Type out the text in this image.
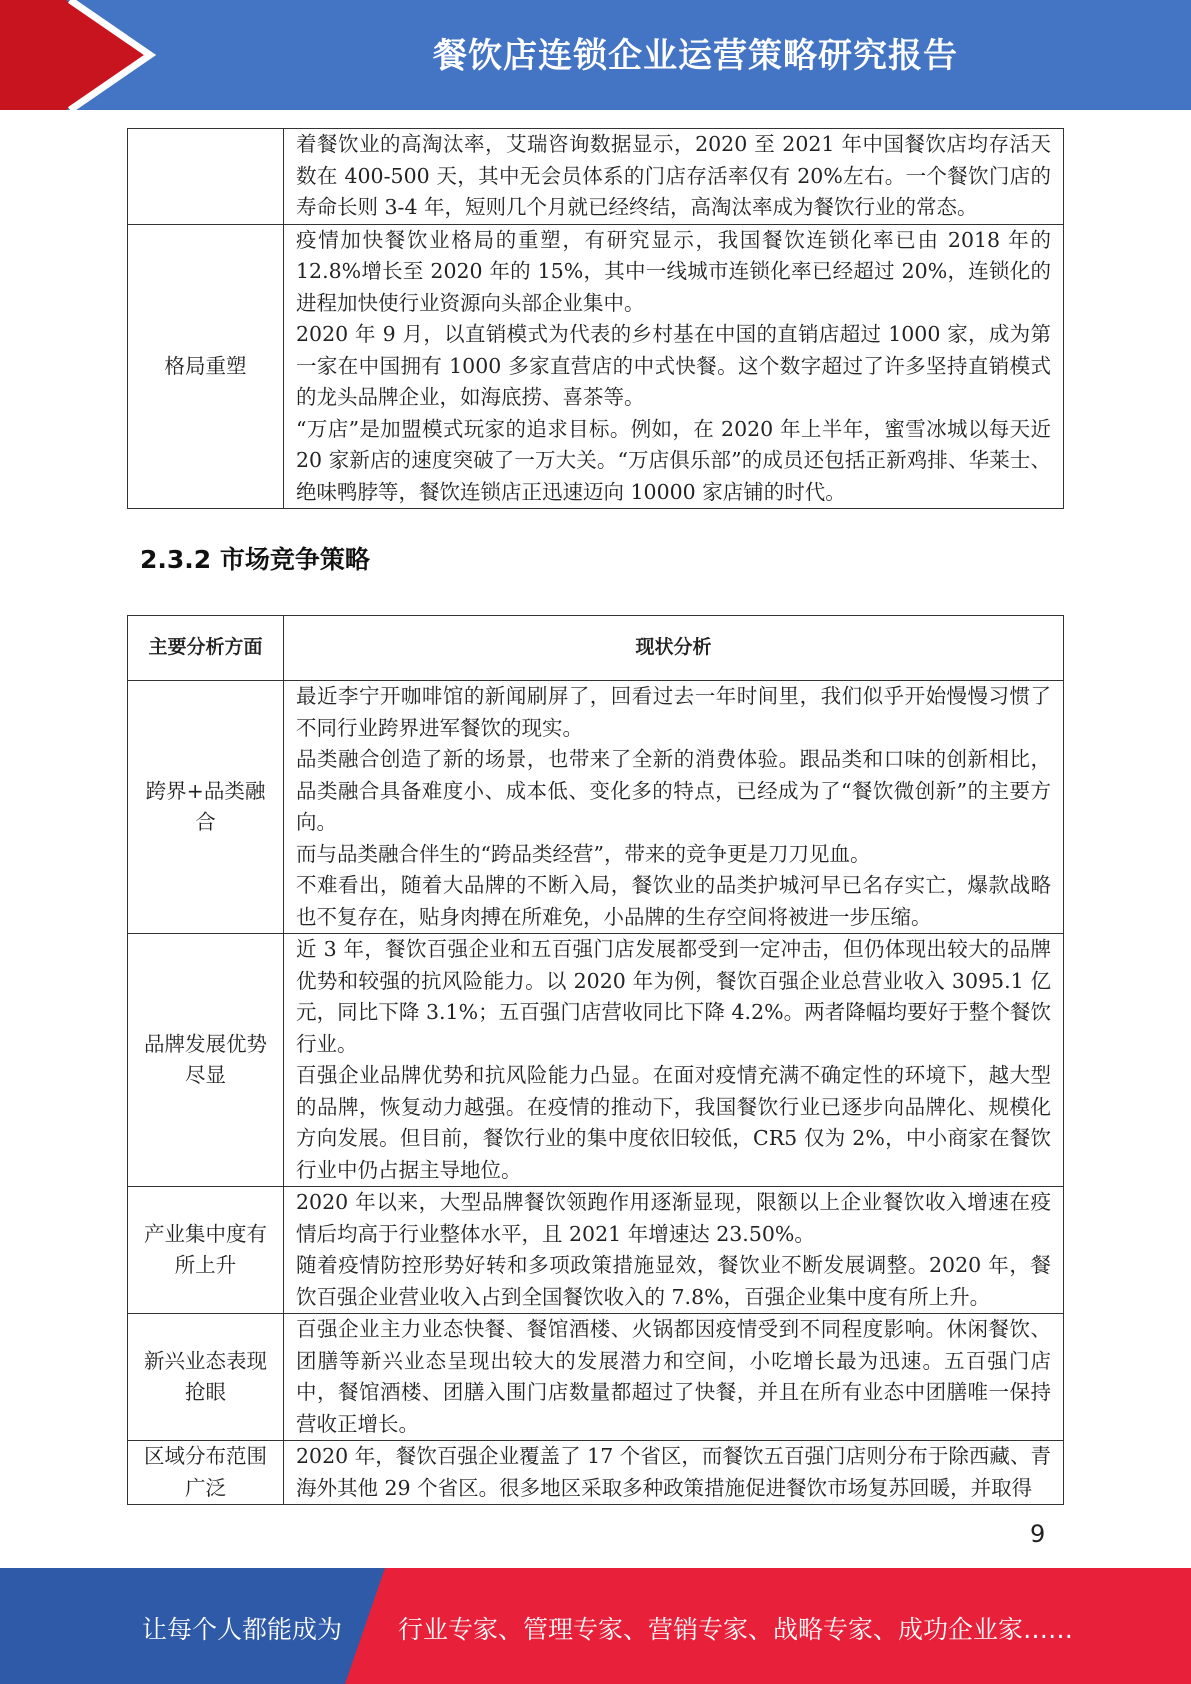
餐饮店连锁企业运营策略研究报告

	着餐饮业的高淘汰率，艾瑞咨询数据显示，2020 至 2021 年中国餐饮店均存活天数在 400-500 天，其中无会员体系的门店存活率仅有 20%左右。一个餐饮门店的寿命长则 3-4 年，短则几个月就已经终结，高淘汰率成为餐饮行业的常态。

格局重塑	疫情加快餐饮业格局的重塑，有研究显示，我国餐饮连锁化率已由 2018 年的 12.8%增长至 2020 年的 15%，其中一线城市连锁化率已经超过 20%，连锁化的进程加快使行业资源向头部企业集中。

2020 年 9 月，以直销模式为代表的乡村基在中国的直销店超过 1000 家，成为第一家在中国拥有 1000 多家直营店的中式快餐。这个数字超过了许多坚持直销模式的龙头品牌企业，如海底捞、喜茶等。

“万店”是加盟模式玩家的追求目标。例如，在 2020 年上半年，蜜雪冰城以每天近 20 家新店的速度突破了一万大关。“万店俱乐部”的成员还包括正新鸡排、华莱士、绝味鸭脖等，餐饮连锁店正迅速迈向 10000 家店铺的时代。

2.3.2 市场竞争策略
主要分析方面	现状分析
跨界+品类融合	最近李宁开咖啡馆的新闻刷屏了，回看过去一年时间里，我们似乎开始慢慢习惯了不同行业跨界进军餐饮的现实。

品类融合创造了新的场景，也带来了全新的消费体验。跟品类和口味的创新相比，品类融合具备难度小、成本低、变化多的特点，已经成为了“餐饮微创新”的主要方向。

而与品类融合伴生的“跨品类经营”，带来的竞争更是刀刀见血。

不难看出，随着大品牌的不断入局，餐饮业的品类护城河早已名存实亡，爆款战略也不复存在，贴身肉搏在所难免，小品牌的生存空间将被进一步压缩。

品牌发展优势尽显	近 3 年，餐饮百强企业和五百强门店发展都受到一定冲击，但仍体现出较大的品牌优势和较强的抗风险能力。以 2020 年为例，餐饮百强企业总营业收入 3095.1 亿元，同比下降 3.1%；五百强门店营收同比下降 4.2%。两者降幅均要好于整个餐饮行业。

百强企业品牌优势和抗风险能力凸显。在面对疫情充满不确定性的环境下，越大型的品牌，恢复动力越强。在疫情的推动下，我国餐饮行业已逐步向品牌化、规模化方向发展。但目前，餐饮行业的集中度依旧较低，CR5 仅为 2%，中小商家在餐饮行业中仍占据主导地位。

产业集中度有所上升	2020 年以来，大型品牌餐饮领跑作用逐渐显现，限额以上企业餐饮收入增速在疫情后均高于行业整体水平，且 2021 年增速达 23.50%。

随着疫情防控形势好转和多项政策措施显效，餐饮业不断发展调整。2020 年，餐饮百强企业营业收入占到全国餐饮收入的 7.8%，百强企业集中度有所上升。

新兴业态表现抢眼	百强企业主力业态快餐、餐馆酒楼、火锅都因疫情受到不同程度影响。休闲餐饮、团膳等新兴业态呈现出较大的发展潜力和空间，小吃增长最为迅速。五百强门店中，餐馆酒楼、团膳入围门店数量都超过了快餐，并且在所有业态中团膳唯一保持营收正增长。

区域分布范围广泛	2020 年，餐饮百强企业覆盖了 17 个省区，而餐饮五百强门店则分布于除西藏、青海外其他 29 个省区。很多地区采取多种政策措施促进餐饮市场复苏回暖，并取得

9
让每个人都能成为 行业专家、管理专家、营销专家、战略专家、成功企业家……
